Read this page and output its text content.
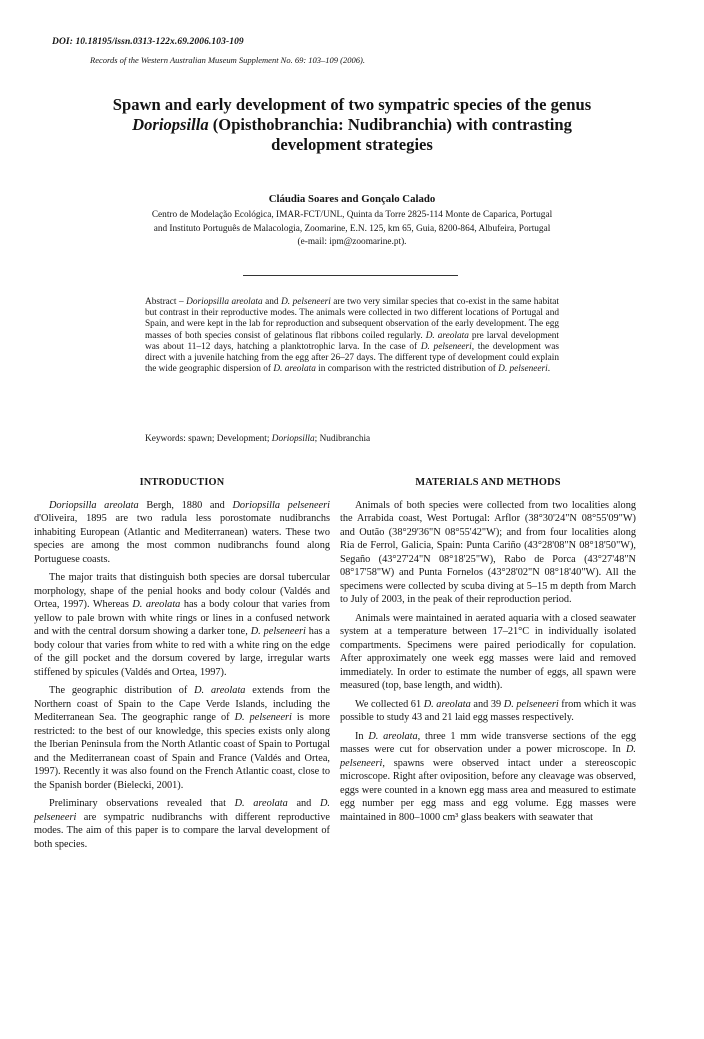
DOI: 10.18195/issn.0313-122x.69.2006.103-109
Records of the Western Australian Museum Supplement No. 69: 103–109 (2006).
Spawn and early development of two sympatric species of the genus
Doriopsilla (Opisthobranchia: Nudibranchia) with contrasting
development strategies
Cláudia Soares and Gonçalo Calado
Centro de Modelação Ecológica, IMAR-FCT/UNL, Quinta da Torre 2825-114 Monte de Caparica, Portugal
and Instituto Português de Malacologia, Zoomarine, E.N. 125, km 65, Guia, 8200-864, Albufeira, Portugal
(e-mail: ipm@zoomarine.pt).
Abstract – Doriopsilla areolata and D. pelseneeri are two very similar species that co-exist in the same habitat but contrast in their reproductive modes. The animals were collected in two different locations of Portugal and Spain, and were kept in the lab for reproduction and subsequent observation of the early development. The egg masses of both species consist of gelatinous flat ribbons coiled regularly. D. areolata pre larval development was about 11–12 days, hatching a planktotrophic larva. In the case of D. pelseneeri, the development was direct with a juvenile hatching from the egg after 26–27 days. The different type of development could explain the wide geographic dispersion of D. areolata in comparison with the restricted distribution of D. pelseneeri.
Keywords: spawn; Development; Doriopsilla; Nudibranchia
INTRODUCTION

Doriopsilla areolata Bergh, 1880 and Doriopsilla pelseneeri d'Oliveira, 1895 are two radula less porostomate nudibranchs inhabiting European (Atlantic and Mediterranean) waters. These two species are among the most common nudibranchs found along Portuguese coasts.

The major traits that distinguish both species are dorsal tubercular morphology, shape of the penial hooks and body colour (Valdés and Ortea, 1997). Whereas D. areolata has a body colour that varies from yellow to pale brown with white rings or lines in a confused network and with the central dorsum showing a darker tone, D. pelseneeri has a body colour that varies from white to red with a white ring on the edge of the gill pocket and the dorsum covered by large, irregular warts stiffened by spicules (Valdés and Ortea, 1997).

The geographic distribution of D. areolata extends from the Northern coast of Spain to the Cape Verde Islands, including the Mediterranean Sea. The geographic range of D. pelseneeri is more restricted: to the best of our knowledge, this species exists only along the Iberian Peninsula from the North Atlantic coast of Spain to Portugal and the Mediterranean coast of Spain and France (Valdés and Ortea, 1997). Recently it was also found on the French Atlantic coast, close to the Spanish border (Bielecki, 2001).

Preliminary observations revealed that D. areolata and D. pelseneeri are sympatric nudibranchs with different reproductive modes. The aim of this paper is to compare the larval development of both species.

MATERIALS AND METHODS

Animals of both species were collected from two localities along the Arrabida coast, West Portugal: Arflor (38°30'24"N 08°55'09"W) and Outão (38°29'36"N 08°55'42"W); and from four localities along Ria de Ferrol, Galicia, Spain: Punta Cariño (43°28'08"N 08°18'50"W), Segaño (43°27'24"N 08°18'25"W), Rabo de Porca (43°27'48"N 08°17'58"W) and Punta Fornelos (43°28'02"N 08°18'40"W). All the specimens were collected by scuba diving at 5–15 m depth from March to July of 2003, in the peak of their reproduction period.

Animals were maintained in aerated aquaria with a closed seawater system at a temperature between 17–21°C in individually isolated compartments. Specimens were paired periodically for copulation. After approximately one week egg masses were laid and removed immediately. In order to estimate the number of eggs, all spawn were measured (top, base length, and width).

We collected 61 D. areolata and 39 D. pelseneeri from which it was possible to study 43 and 21 laid egg masses respectively.

In D. areolata, three 1 mm wide transverse sections of the egg masses were cut for observation under a power microscope. In D. pelseneeri, spawns were observed intact under a stereoscopic microscope. Right after oviposition, before any cleavage was observed, eggs were counted in a known egg mass area and measured to estimate egg number per egg mass and egg volume. Egg masses were maintained in 800–1000 cm³ glass beakers with seawater that
